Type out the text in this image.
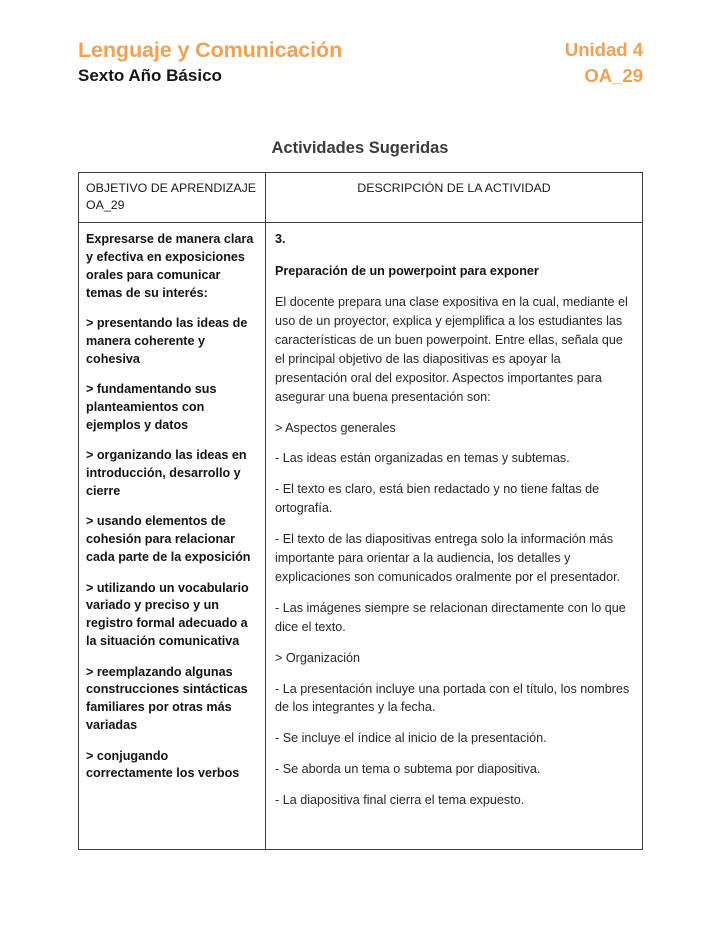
Lenguaje y Comunicación
Sexto Año Básico
Unidad 4
OA_29
Actividades Sugeridas
OBJETIVO DE APRENDIZAJE OA_29
DESCRIPCIÓN DE LA ACTIVIDAD

Expresarse de manera clara y efectiva en exposiciones orales para comunicar temas de su interés:

> presentando las ideas de manera coherente y cohesiva

> fundamentando sus planteamientos con ejemplos y datos

> organizando las ideas en introducción, desarrollo y cierre

> usando elementos de cohesión para relacionar cada parte de la exposición

> utilizando un vocabulario variado y preciso y un registro formal adecuado a la situación comunicativa

> reemplazando algunas construcciones sintácticas familiares por otras más variadas

> conjugando correctamente los verbos

3.

Preparación de un powerpoint para exponer

El docente prepara una clase expositiva en la cual, mediante el uso de un proyector, explica y ejemplifica a los estudiantes las características de un buen powerpoint. Entre ellas, señala que el principal objetivo de las diapositivas es apoyar la presentación oral del expositor. Aspectos importantes para asegurar una buena presentación son:

> Aspectos generales

- Las ideas están organizadas en temas y subtemas.

- El texto es claro, está bien redactado y no tiene faltas de ortografía.

- El texto de las diapositivas entrega solo la información más importante para orientar a la audiencia, los detalles y explicaciones son comunicados oralmente por el presentador.

- Las imágenes siempre se relacionan directamente con lo que dice el texto.

> Organización

- La presentación incluye una portada con el título, los nombres de los integrantes y la fecha.

- Se incluye el índice al inicio de la presentación.

- Se aborda un tema o subtema por diapositiva.

- La diapositiva final cierra el tema expuesto.
